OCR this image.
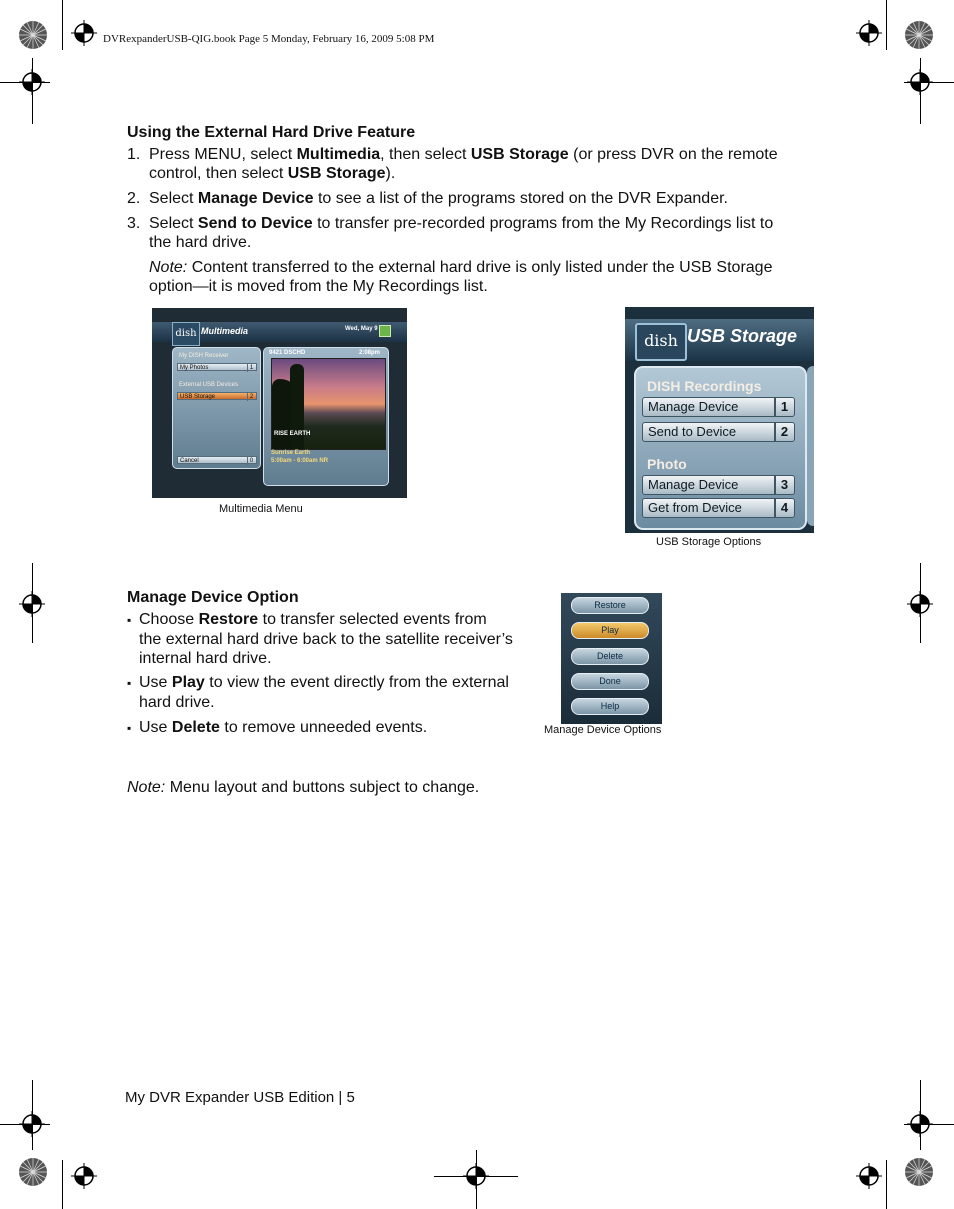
DVRexpanderUSB-QIG.book Page 5 Monday, February 16, 2009 5:08 PM
Using the External Hard Drive Feature
1. Press MENU, select Multimedia, then select USB Storage (or press DVR on the remote
control, then select USB Storage).
2. Select Manage Device to see a list of the programs stored on the DVR Expander.
3. Select Send to Device to transfer pre-recorded programs from the My Recordings list to
the hard drive.
Note: Content transferred to the external hard drive is only listed under the USB Storage
option—it is moved from the My Recordings list.
dish Multimedia	Wed, May 9
My DISH Receiver
My Photos	1
External USB Devices
USB Storage	2
Cancel	0
9421 DSCHD	2:08pm
RISE EARTH
Sunrise Earth
5:00am - 6:00am NR
Multimedia Menu
dish USB Storage
DISH Recordings
Manage Device	1
Send to Device	2
Photo
Manage Device	3
Get from Device	4
USB Storage Options
Manage Device Option
▪ Choose Restore to transfer selected events from
the external hard drive back to the satellite receiver’s
internal hard drive.
▪ Use Play to view the event directly from the external
hard drive.
▪ Use Delete to remove unneeded events.
Restore
Play
Delete
Done
Help
Manage Device Options
Note: Menu layout and buttons subject to change.
My DVR Expander USB Edition | 5
